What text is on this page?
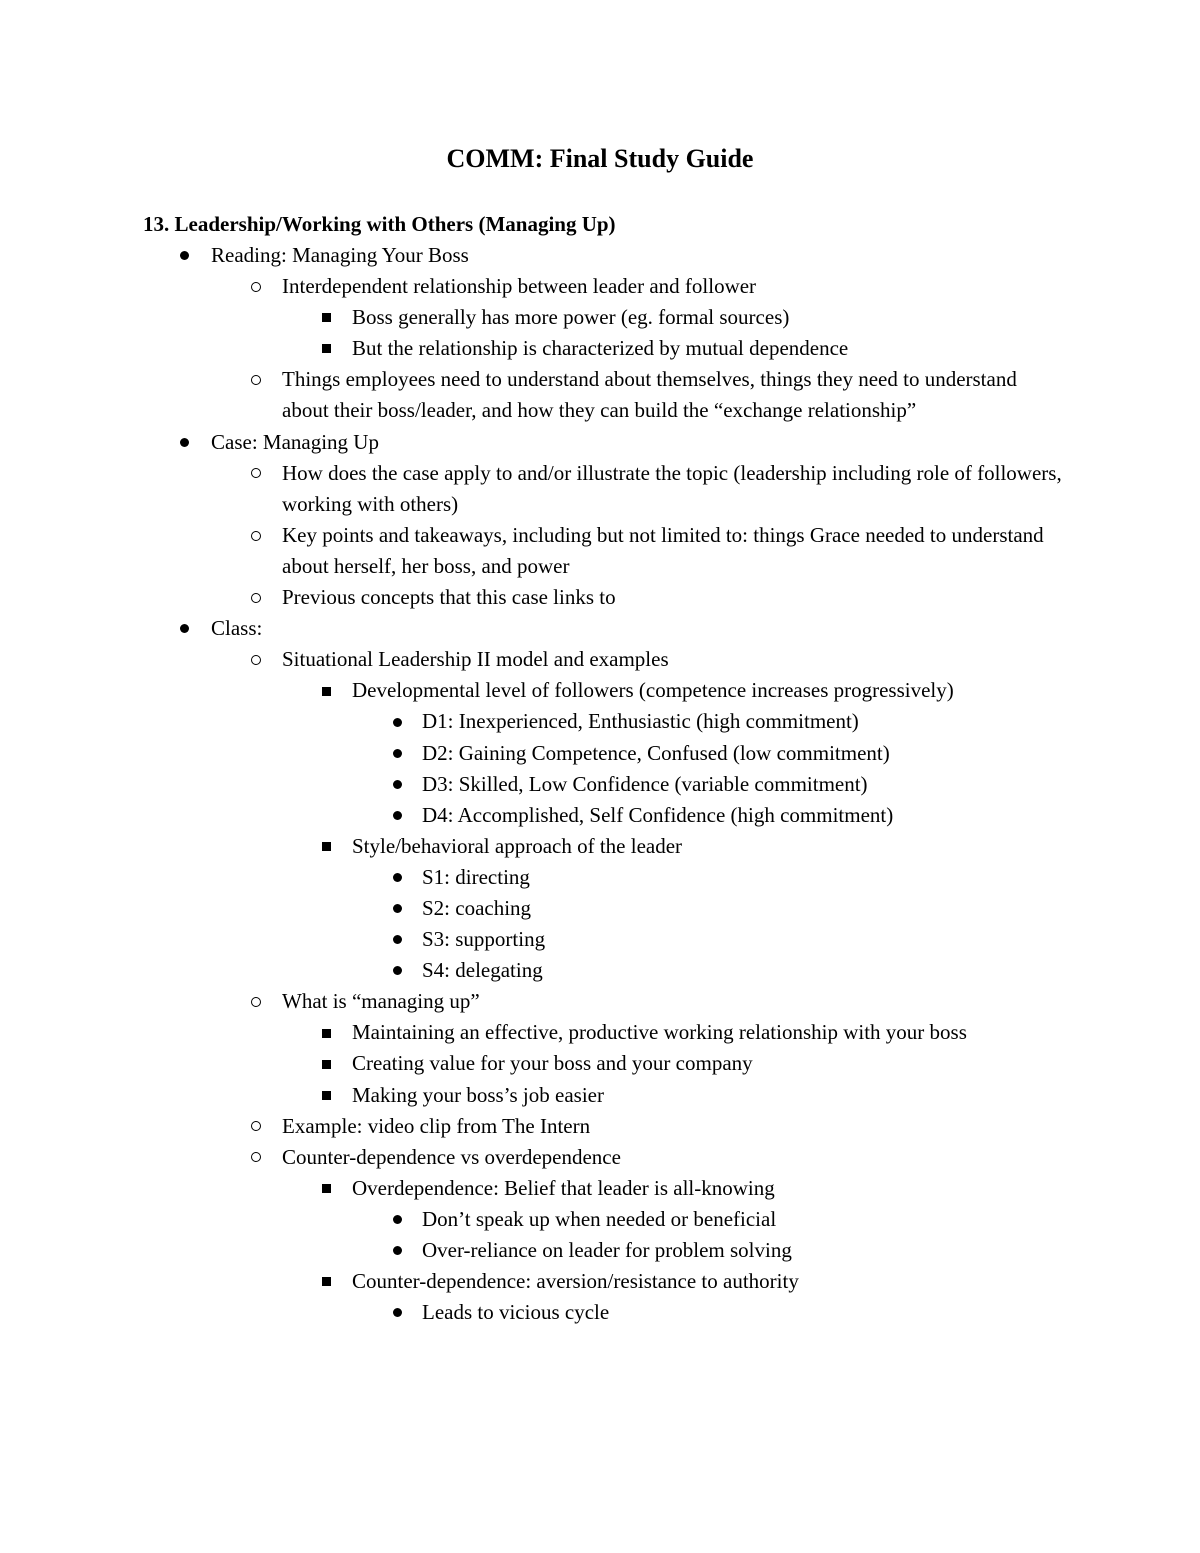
COMM: Final Study Guide
13. Leadership/Working with Others (Managing Up)
Reading: Managing Your Boss
Interdependent relationship between leader and follower
Boss generally has more power (eg. formal sources)
But the relationship is characterized by mutual dependence
Things employees need to understand about themselves, things they need to understand about their boss/leader, and how they can build the “exchange relationship”
Case: Managing Up
How does the case apply to and/or illustrate the topic (leadership including role of followers, working with others)
Key points and takeaways, including but not limited to: things Grace needed to understand about herself, her boss, and power
Previous concepts that this case links to
Class:
Situational Leadership II model and examples
Developmental level of followers (competence increases progressively)
D1: Inexperienced, Enthusiastic (high commitment)
D2: Gaining Competence, Confused (low commitment)
D3: Skilled, Low Confidence (variable commitment)
D4: Accomplished, Self Confidence (high commitment)
Style/behavioral approach of the leader
S1: directing
S2: coaching
S3: supporting
S4: delegating
What is “managing up”
Maintaining an effective, productive working relationship with your boss
Creating value for your boss and your company
Making your boss’s job easier
Example: video clip from The Intern
Counter-dependence vs overdependence
Overdependence: Belief that leader is all-knowing
Don’t speak up when needed or beneficial
Over-reliance on leader for problem solving
Counter-dependence: aversion/resistance to authority
Leads to vicious cycle
